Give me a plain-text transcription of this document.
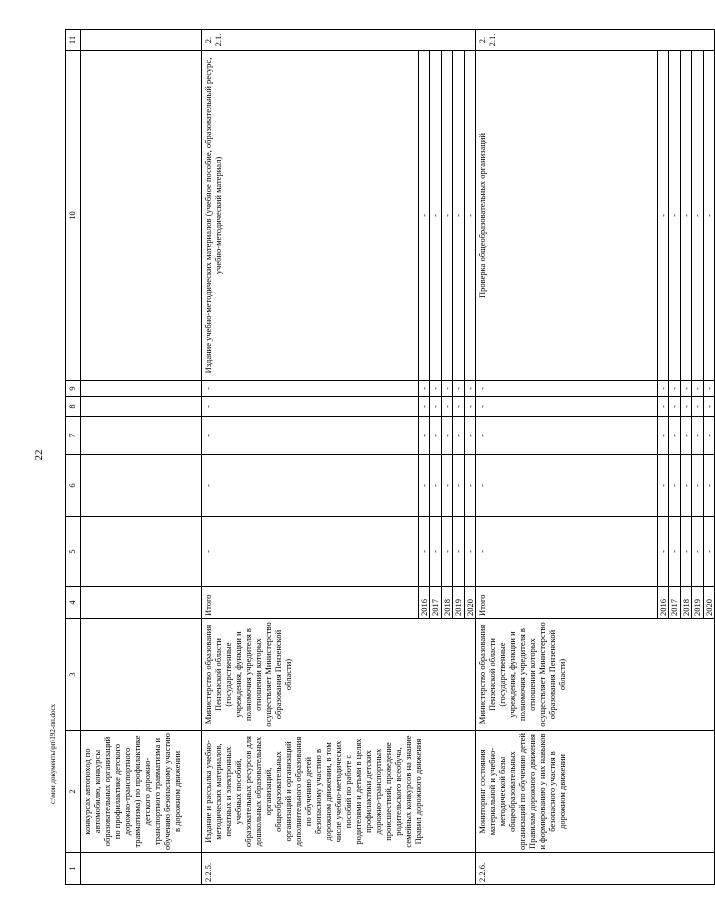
22
c:\мои документы\рп\192-пп.docx
1	2	3	4	5	6	7	8	9	10	11
	конкурсах автопоход по автомобилю, конкурсы образовательных организаций по профилактике детского дорожно-транспортного травматизма) по профилактике детского дорожно-транспортного травматизма и обучению безопасному участию в дорожном движении									
2.2.5.	Издание и рассылка учебно-методических материалов, печатных и электронных учебных пособий, образовательных ресурсов для дошкольных образовательных организаций, общеобразовательных организаций и организаций дополнительного образования по обучению детей безопасному участию в дорожном движении, в том числе учебно-методических пособий по работе с родителями и детьми в целях профилактики детских дорожно-транспортных происшествий, проведение родительского всеобуча, семейных конкурсов на знание Правил дорожного движения	Министерство образования Пензенской области (государственные учреждения, функции и полномочия учредителя в отношении которых осуществляет Министерство образования Пензенской области)	Итого	-	-	-	-	-	Издание учебно-методических материалов (учебное пособие, образовательный ресурс, учебно-методический материал)	2. 2.1.
			2016	-	-	-	-	-	-	
			2017	-	-	-	-	-	-	
			2018	-	-	-	-	-	-	
			2019	-	-	-	-	-	-	
			2020	-	-	-	-	-	-	
2.2.6.	Мониторинг состояния материальной и учебно-методической базы общеобразовательных организаций по обучению детей Правилам дорожного движения и формированию у них навыков безопасного участия в дорожном движении	Министерство образования Пензенской области (государственные учреждения, функции и полномочия учредителя в отношении которых осуществляет Министерство образования Пензенской области)	Итого	-	-	-	-	-	Проверка общеобразовательных организаций	2. 2.1.
			2016	-	-	-	-	-	-	
			2017	-	-	-	-	-	-	
			2018	-	-	-	-	-	-	
			2019	-	-	-	-	-	-	
			2020	-	-	-	-	-	-	
